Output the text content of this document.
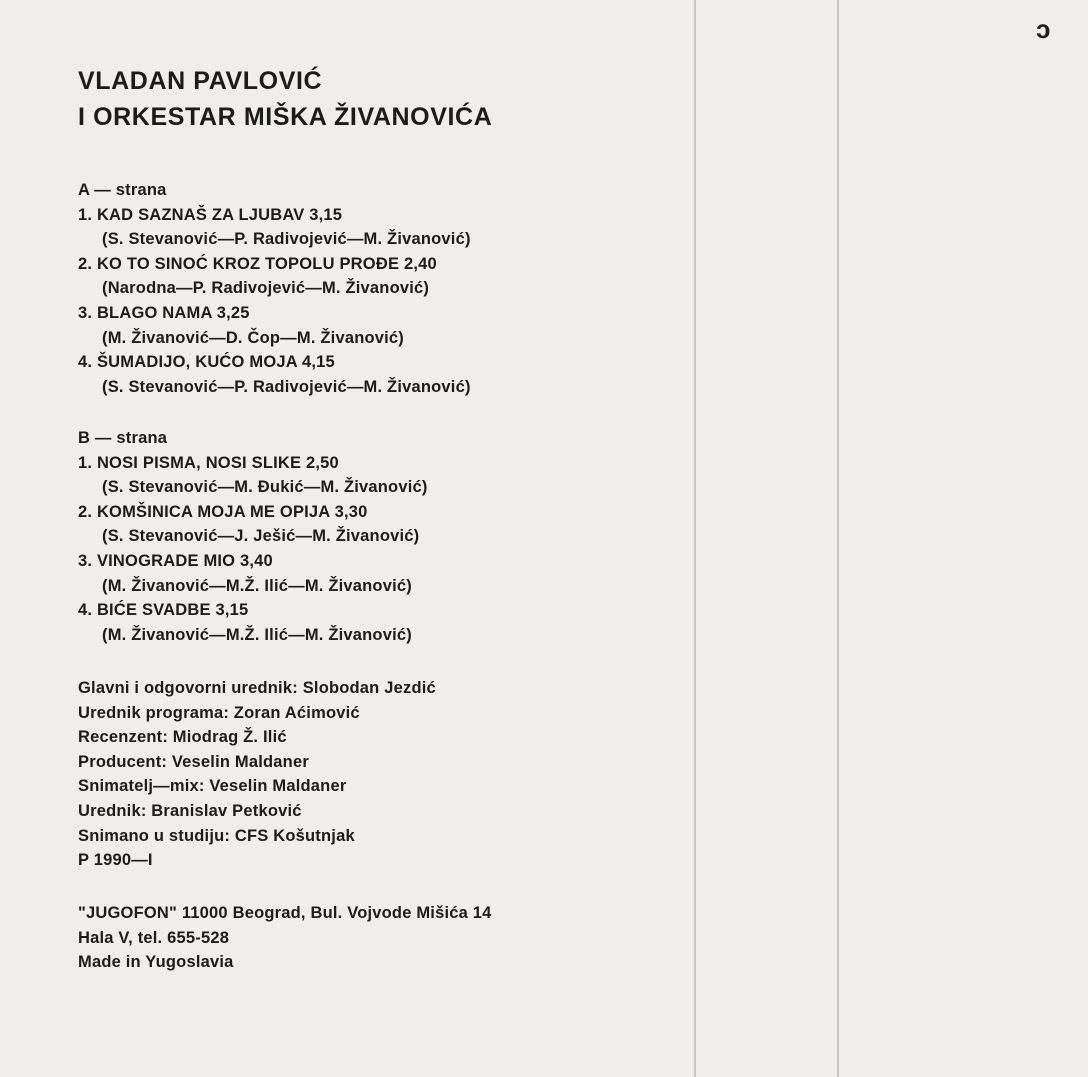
ↄ
VLADAN PAVLOVIĆ
I ORKESTAR MIŠKA ŽIVANOVIĆA
A — strana
1. KAD SAZNAŠ ZA LJUBAV 3,15
(S. Stevanović—P. Radivojević—M. Živanović)
2. KO TO SINOĆ KROZ TOPOLU PROĐE 2,40
(Narodna—P. Radivojević—M. Živanović)
3. BLAGO NAMA 3,25
(M. Živanović—D. Čop—M. Živanović)
4. ŠUMADIJO, KUĆO MOJA 4,15
(S. Stevanović—P. Radivojević—M. Živanović)
B — strana
1. NOSI PISMA, NOSI SLIKE 2,50
(S. Stevanović—M. Đukić—M. Živanović)
2. KOMŠINICA MOJA ME OPIJA 3,30
(S. Stevanović—J. Ješić—M. Živanović)
3. VINOGRADE MIO 3,40
(M. Živanović—M.Ž. Ilić—M. Živanović)
4. BIĆE SVADBE 3,15
(M. Živanović—M.Ž. Ilić—M. Živanović)
Glavni i odgovorni urednik: Slobodan Jezdić
Urednik programa: Zoran Aćimović
Recenzent: Miodrag Ž. Ilić
Producent: Veselin Maldaner
Snimatelj—mix: Veselin Maldaner
Urednik: Branislav Petković
Snimano u studiju: CFS Košutnjak
P 1990—I
"JUGOFON" 11000 Beograd, Bul. Vojvode Mišića 14
Hala V, tel. 655-528
Made in Yugoslavia
